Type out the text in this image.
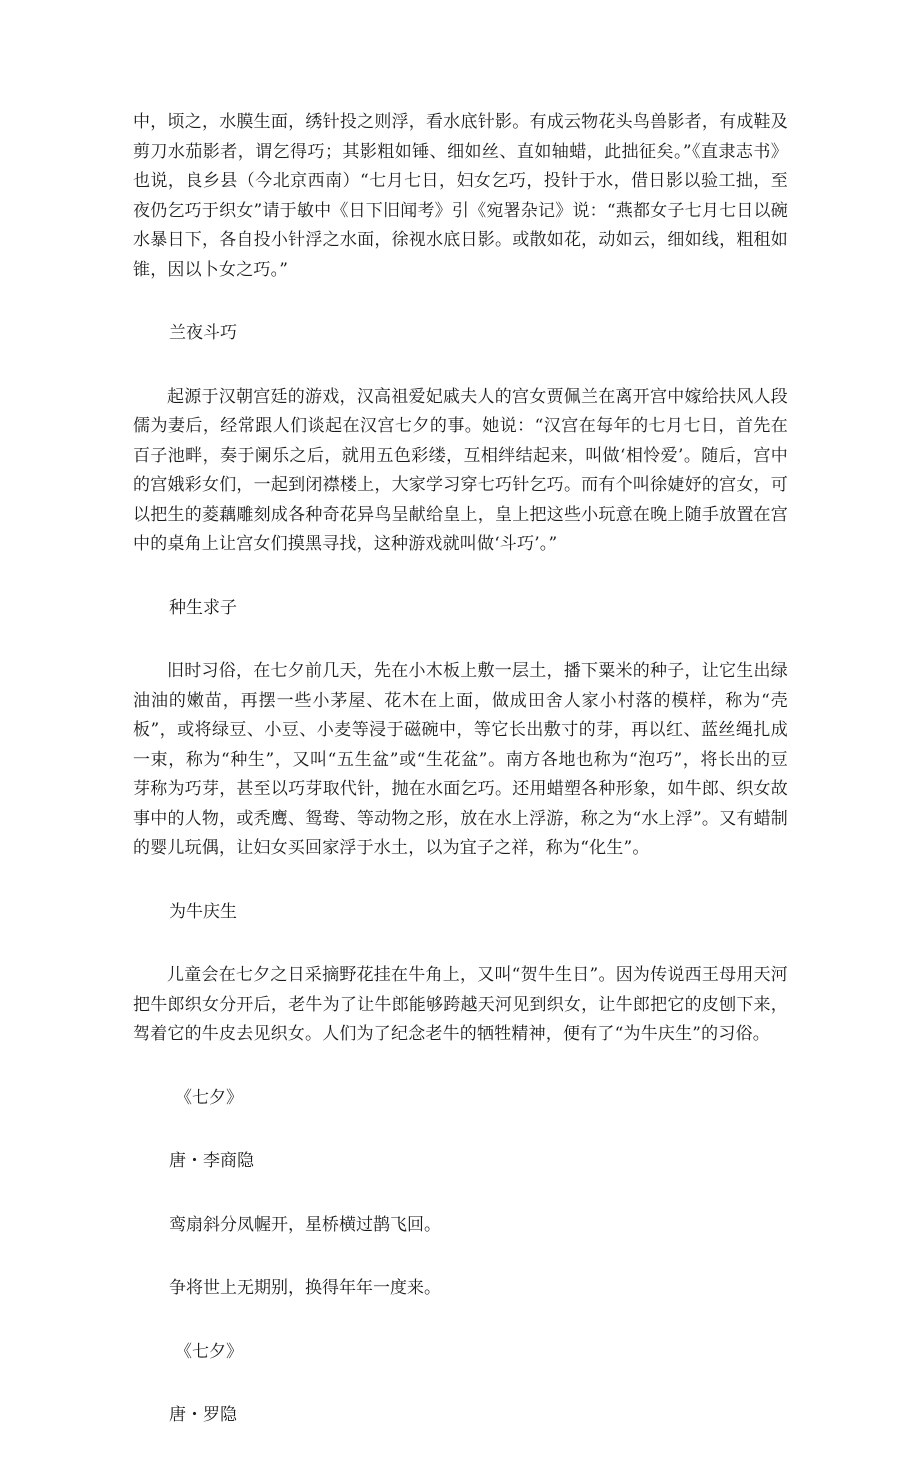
中，顷之，水膜生面，绣针投之则浮，看水底针影。有成云物花头鸟兽影者，有成鞋及剪刀水茄影者，谓乞得巧；其影粗如锤、细如丝、直如轴蜡，此拙征矣。”《直隶志书》也说，良乡县（今北京西南）“七月七日，妇女乞巧，投针于水，借日影以验工拙，至夜仍乞巧于织女”请于敏中《日下旧闻考》引《宛署杂记》说：“燕都女子七月七日以碗水暴日下，各自投小针浮之水面，徐视水底日影。或散如花，动如云，细如线，粗租如锥，因以卜女之巧。”

兰夜斗巧

起源于汉朝宫廷的游戏，汉高祖爱妃戚夫人的宫女贾佩兰在离开宫中嫁给扶风人段儒为妻后，经常跟人们谈起在汉宫七夕的事。她说：“汉宫在每年的七月七日，首先在百子池畔，奏于阑乐之后，就用五色彩缕，互相绊结起来，叫做‘相怜爱’。随后，宫中的宫娥彩女们，一起到闭襟楼上，大家学习穿七巧针乞巧。而有个叫徐婕妤的宫女，可以把生的菱藕雕刻成各种奇花异鸟呈献给皇上，皇上把这些小玩意在晚上随手放置在宫中的桌角上让宫女们摸黑寻找，这种游戏就叫做‘斗巧’。”

种生求子

旧时习俗，在七夕前几天，先在小木板上敷一层土，播下粟米的种子，让它生出绿油油的嫩苗，再摆一些小茅屋、花木在上面，做成田舍人家小村落的模样，称为“壳板”，或将绿豆、小豆、小麦等浸于磁碗中，等它长出敷寸的芽，再以红、蓝丝绳扎成一束，称为“种生”，又叫“五生盆”或“生花盆”。南方各地也称为“泡巧”，将长出的豆芽称为巧芽，甚至以巧芽取代针，抛在水面乞巧。还用蜡塑各种形象，如牛郎、织女故事中的人物，或秃鹰、鸳鸯、等动物之形，放在水上浮游，称之为“水上浮”。又有蜡制的婴儿玩偶，让妇女买回家浮于水土，以为宜子之祥，称为“化生”。

为牛庆生

儿童会在七夕之日采摘野花挂在牛角上，又叫“贺牛生日”。因为传说西王母用天河把牛郎织女分开后，老牛为了让牛郎能够跨越天河见到织女，让牛郎把它的皮刨下来，驾着它的牛皮去见织女。人们为了纪念老牛的牺牲精神，便有了“为牛庆生”的习俗。

《七夕》

唐・李商隐

鸾扇斜分凤幄开，星桥横过鹊飞回。

争将世上无期别，换得年年一度来。

《七夕》

唐・罗隐
